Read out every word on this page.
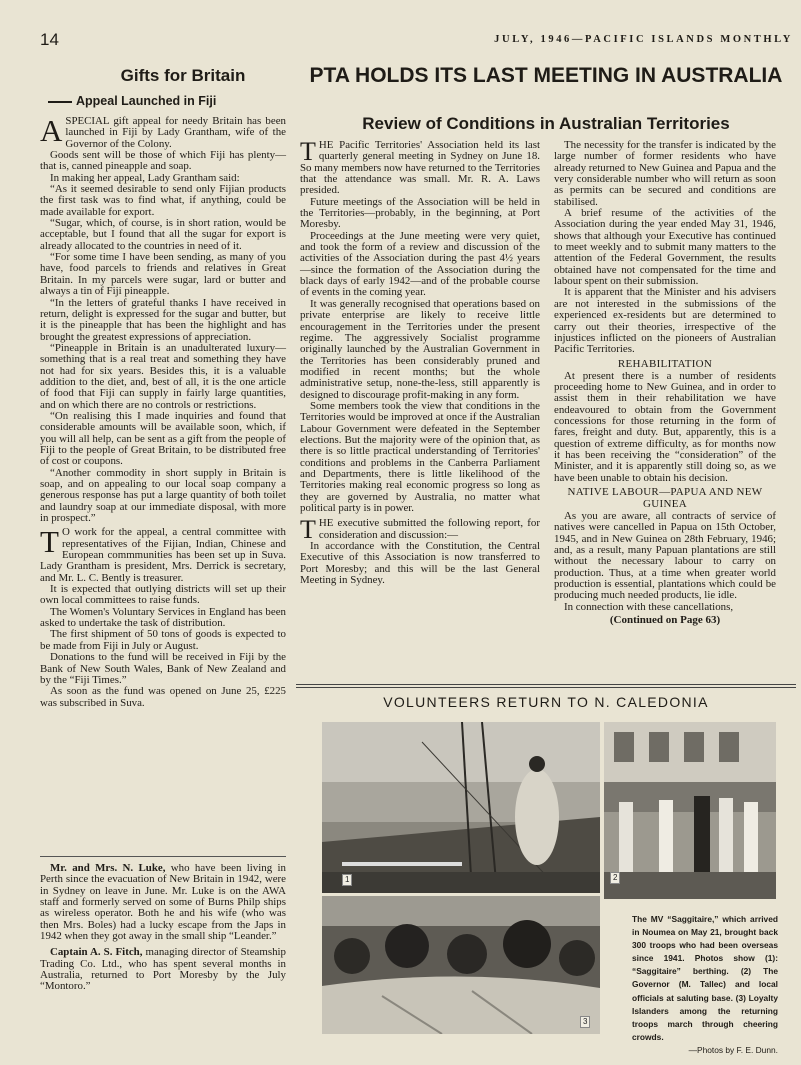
14	JULY, 1946—PACIFIC ISLANDS MONTHLY
Gifts for Britain
Appeal Launched in Fiji

ASPECIAL gift appeal for needy Britain has been launched in Fiji by Lady Grantham, wife of the Governor of the Colony.

Goods sent will be those of which Fiji has plenty—that is, canned pineapple and soap.

In making her appeal, Lady Grantham said:

“As it seemed desirable to send only Fijian products the first task was to find what, if anything, could be made available for export.

“Sugar, which, of course, is in short ration, would be acceptable, but I found that all the sugar for export is already allocated to the countries in need of it.

“For some time I have been sending, as many of you have, food parcels to friends and relatives in Great Britain. In my parcels were sugar, lard or butter and always a tin of Fiji pineapple.

“In the letters of grateful thanks I have received in return, delight is expressed for the sugar and butter, but it is the pineapple that has been the highlight and has brought the greatest expressions of appreciation.

“Pineapple in Britain is an unadulterated luxury—something that is a real treat and something they have not had for six years. Besides this, it is a valuable addition to the diet, and, best of all, it is the one article of food that Fiji can supply in fairly large quantities, and on which there are no controls or restrictions.

“On realising this I made inquiries and found that considerable amounts will be available soon, which, if you will all help, can be sent as a gift from the people of Fiji to the people of Great Britain, to be distributed free of cost or coupons.

“Another commodity in short supply in Britain is soap, and on appealing to our local soap company a generous response has put a large quantity of both toilet and laundry soap at our immediate disposal, with more in prospect.”

T O work for the appeal, a central committee with representatives of the Fijian, Indian, Chinese and European commmunities has been set up in Suva. Lady Grantham is president, Mrs. Derrick is secretary, and Mr. L. C. Bently is treasurer.

It is expected that outlying districts will set up their own local committees to raise funds.

The Women's Voluntary Services in England has been asked to undertake the task of distribution.

The first shipment of 50 tons of goods is expected to be made from Fiji in July or August.

Donations to the fund will be received in Fiji by the Bank of New South Wales, Bank of New Zealand and by the “Fiji Times.”

As soon as the fund was opened on June 25, £225 was subscribed in Suva.

Mr. and Mrs. N. Luke, who have been living in Perth since the evacuation of New Britain in 1942, were in Sydney on leave in June. Mr. Luke is on the AWA staff and formerly served on some of Burns Philp ships as wireless operator. Both he and his wife (who was then Mrs. Boles) had a lucky escape from the Japs in 1942 when they got away in the small ship “Leander.”

Captain A. S. Fitch, managing director of Steamship Trading Co. Ltd., who has spent several months in Australia, returned to Port Moresby by the July “Montoro.”

PTA HOLDS ITS LAST MEETING IN AUSTRALIA
Review of Conditions in Australian Territories

THE Pacific Territories' Association held its last quarterly general meeting in Sydney on June 18. So many members now have returned to the Territories that the attendance was small. Mr. R. A. Laws presided.

Future meetings of the Association will be held in the Territories—probably, in the beginning, at Port Moresby.

Proceedings at the June meeting were very quiet, and took the form of a review and discussion of the activities of the Association during the past 4½ years—since the formation of the Association during the black days of early 1942—and of the probable course of events in the coming year.

It was generally recognised that operations based on private enterprise are likely to receive little encouragement in the Territories under the present regime. The aggressively Socialist programme originally launched by the Australian Government in the Territories has been considerably pruned and modified in recent months; but the whole administrative setup, none-the-less, still apparently is designed to discourage profit-making in any form.

Some members took the view that conditions in the Territories would be improved at once if the Australian Labour Government were defeated in the September elections. But the majority were of the opinion that, as there is so little practical understanding of Territories' conditions and problems in the Canberra Parliament and Departments, there is little likelihood of the Territories making real economic progress so long as they are governed by Australia, no matter what political party is in power.

THE executive submitted the following report, for consideration and discussion:—

In accordance with the Constitution, the Central Executive of this Association is now transferred to Port Moresby; and this will be the last General Meeting in Sydney.

The necessity for the transfer is indicated by the large number of former residents who have already returned to New Guinea and Papua and the very considerable number who will return as soon as permits can be secured and conditions are stabilised.

A brief resume of the activities of the Association during the year ended May 31, 1946, shows that although your Executive has continued to meet weekly and to submit many matters to the attention of the Federal Government, the results obtained have not compensated for the time and labour spent on their submission.

It is apparent that the Minister and his advisers are not interested in the submissions of the experienced ex-residents but are determined to carry out their theories, irrespective of the injustices inflicted on the pioneers of Australian Pacific Territories.

REHABILITATION

At present there is a number of residents proceeding home to New Guinea, and in order to assist them in their rehabilitation we have endeavoured to obtain from the Government concessions for those returning in the form of fares, freight and duty. But, apparently, this is a question of extreme difficulty, as for months now it has been receiving the “consideration” of the Minister, and it is apparently still doing so, as we have been unable to obtain his decision.

NATIVE LABOUR—PAPUA AND NEW GUINEA

As you are aware, all contracts of service of natives were cancelled in Papua on 15th October, 1945, and in New Guinea on 28th February, 1946; and, as a result, many Papuan plantations are still without the necessary labour to carry on production. Thus, at a time when greater world production is essential, plantations which could be producing much needed products, lie idle.

In connection with these cancellations,

(Continued on Page 63)
VOLUNTEERS RETURN TO N. CALEDONIA
1	2
3
The MV “Saggitaire,” which arrived in Noumea on May 21, brought back 300 troops who had been overseas since 1941. Photos show (1): “Saggitaire” berthing. (2) The Governor (M. Tallec) and local officials at saluting base. (3) Loyalty Islanders among the returning troops march through cheering crowds.
—Photos by F. E. Dunn.
